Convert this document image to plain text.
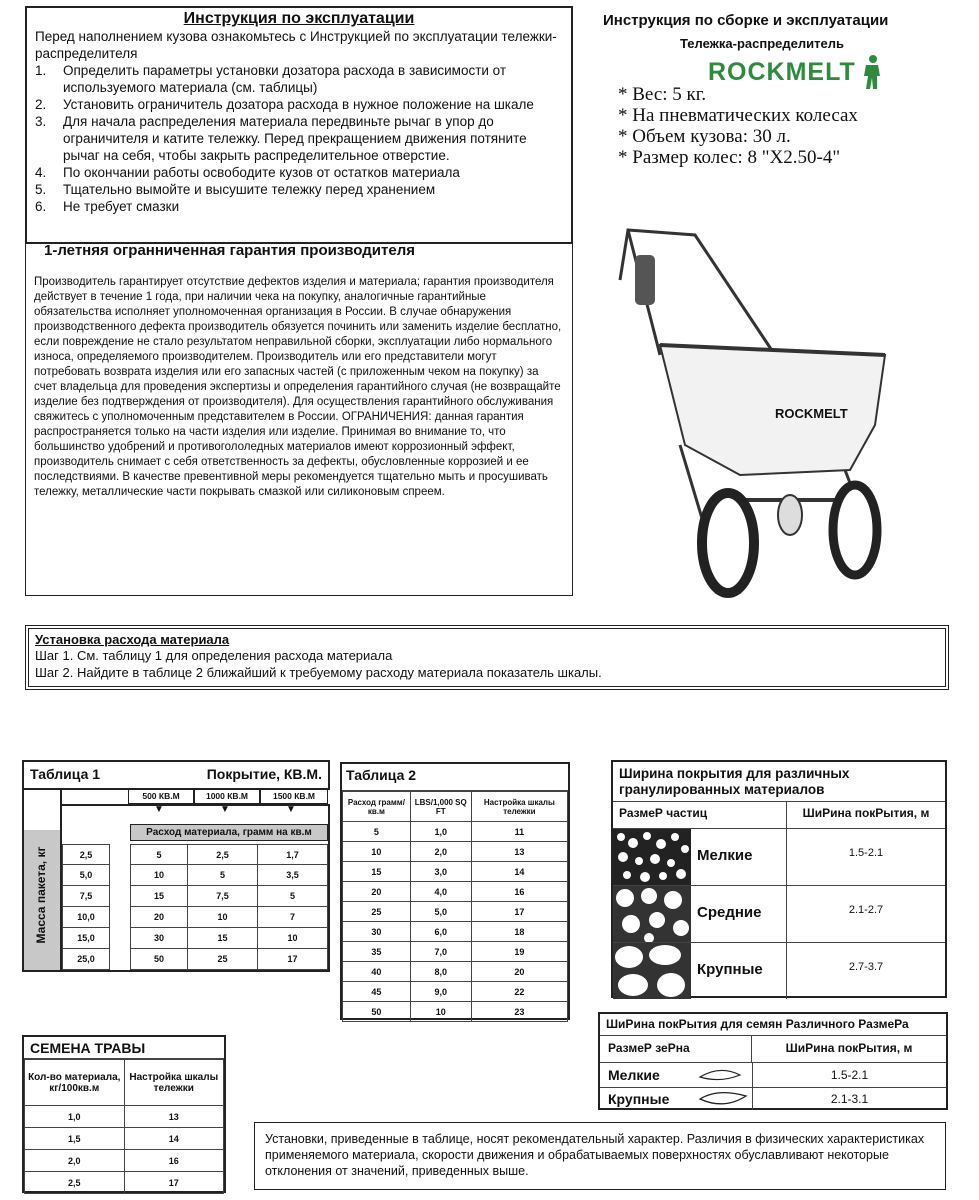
Инструкция по эксплуатации
Перед наполнением кузова ознакомьтесь с Инструкцией по эксплуатации тележки-распределителя
1.	Определить параметры установки дозатора расхода в зависимости от используемого материала (см. таблицы)
2.	Установить ограничитель дозатора расхода в нужное положение на шкале
3.	Для начала распределения материала передвиньте рычаг в упор до ограничителя и катите тележку. Перед прекращением движения потяните рычаг на себя, чтобы закрыть распределительное отверстие.
4.	По окончании работы освободите кузов от остатков материала
5.	Тщательно вымойте и высушите тележку перед хранением
6.	Не требует смазки
1-летняя огранниченная гарантия производителя
Производитель гарантирует отсутствие дефектов изделия и материала; гарантия производителя действует в течение 1 года, при наличии чека на покупку, аналогичные гарантийные обязательства исполняет уполномоченная организация в России. В случае обнаружения производственного дефекта производитель обязуется починить или заменить изделие бесплатно, если повреждение не стало результатом неправильной сборки, эксплуатации либо нормального износа, определяемого производителем. Производитель или его представители могут потребовать возврата изделия или его запасных частей (с приложенным чеком на покупку) за счет владельца для проведения экспертизы и определения гарантийного случая (не возвращайте изделие без подтверждения от производителя). Для осуществления гарантийного обслуживания свяжитесь с уполномоченным представителем в России. ОГРАНИЧЕНИЯ: данная гарантия распространяется только на части изделия или изделие. Принимая во внимание то, что большинство удобрений и противогололедных материалов имеют коррозионный эффект, производитель снимает с себя ответственность за дефекты, обусловленные коррозией и ее последствиями. В качестве превентивной меры рекомендуется тщательно мыть и просушивать тележку, металлические части покрывать смазкой или силиконовым спреем.
Инструкция по сборке и эксплуатации
Тележка-распределитель
ROCKMELT
* Вес: 5 кг.
* На пневматических колесах
* Объем кузова: 30 л.
* Размер колес: 8 "X2.50-4"
ROCKMELT
Установка расхода материала
Шаг 1. См. таблицу 1 для определения расхода материала
Шаг 2. Найдите в таблице 2 ближайший к требуемому расходу материала показатель шкалы.
Таблица 1	Покрытие, КВ.М.
Масса пакета, кг
500 КВ.М	1000 КВ.М	1500 КВ.М
▼	▼	▼
Расход материала, грамм на кв.м
2,5		5	2,5	1,7
5,0		10	5	3,5
7,5		15	7,5	5
10,0		20	10	7
15,0		30	15	10
25,0		50	25	17
Таблица 2
Расход грамм/кв.м	LBS/1,000 SQ FT	Настройка шкалы тележки
5	1,0	11
10	2,0	13
15	3,0	14
20	4,0	16
25	5,0	17
30	6,0	18
35	7,0	19
40	8,0	20
45	9,0	22
50	10	23
Ширина покрытия для различных гранулированных материалов
РазмеР частиц	ШиРина покРытия, м
Мелкие	1.5-2.1
Средние	2.1-2.7
Крупные	2.7-3.7
ШиРина покРытия для семян Различного РазмеРа
РазмеР зеРна	ШиРина покРытия, м
Мелкие	1.5-2.1
Крупные	2.1-3.1
СЕМЕНА ТРАВЫ
Кол-во материала, кг/100кв.м	Настройка шкалы тележки
1,0	13
1,5	14
2,0	16
2,5	17
Установки, приведенные в таблице, носят рекомендательный характер. Различия в физических характеристиках применяемого материала, скорости движения и обрабатываемых поверхностях обуславливают некоторые отклонения от значений, приведенных выше.
